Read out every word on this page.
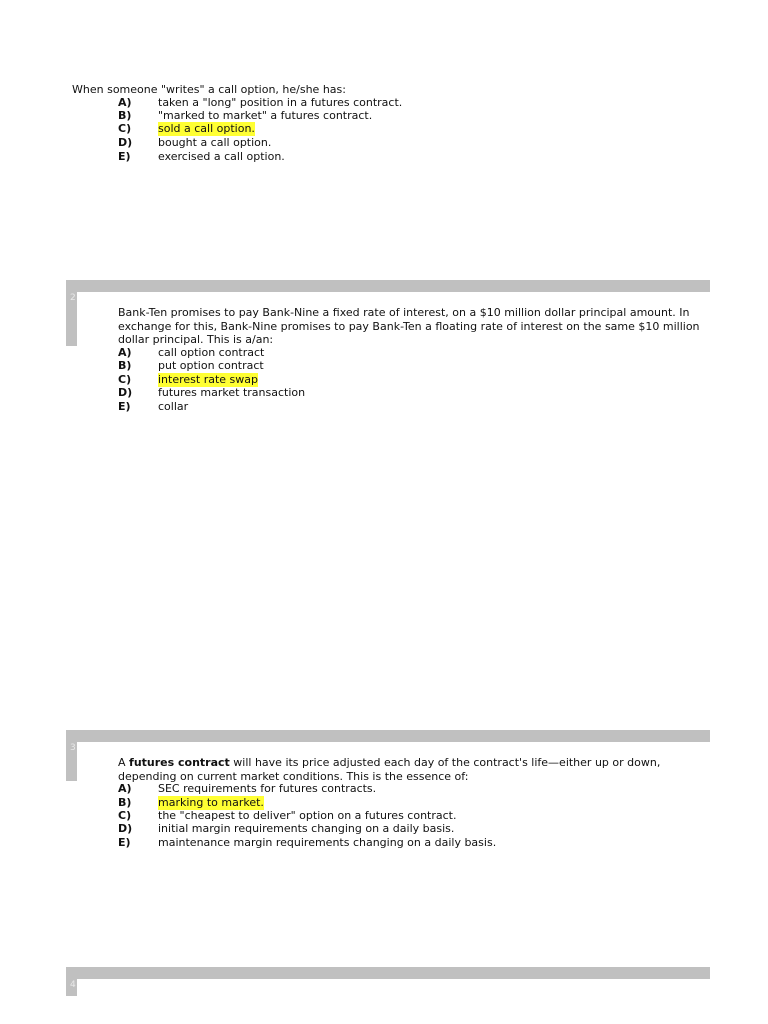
When someone "writes" a call option, he/she has:
A) taken a "long" position in a futures contract.
B) "marked to market" a futures contract.
C) sold a call option.
D) bought a call option.
E) exercised a call option.
2
Bank-Ten promises to pay Bank-Nine a fixed rate of interest, on a $10 million dollar principal amount. In exchange for this, Bank-Nine promises to pay Bank-Ten a floating rate of interest on the same $10 million dollar principal. This is a/an:
A) call option contract
B) put option contract
C) interest rate swap
D) futures market transaction
E) collar
3
A futures contract will have its price adjusted each day of the contract's life—either up or down, depending on current market conditions. This is the essence of:
A) SEC requirements for futures contracts.
B) marking to market.
C) the "cheapest to deliver" option on a futures contract.
D) initial margin requirements changing on a daily basis.
E) maintenance margin requirements changing on a daily basis.
4
